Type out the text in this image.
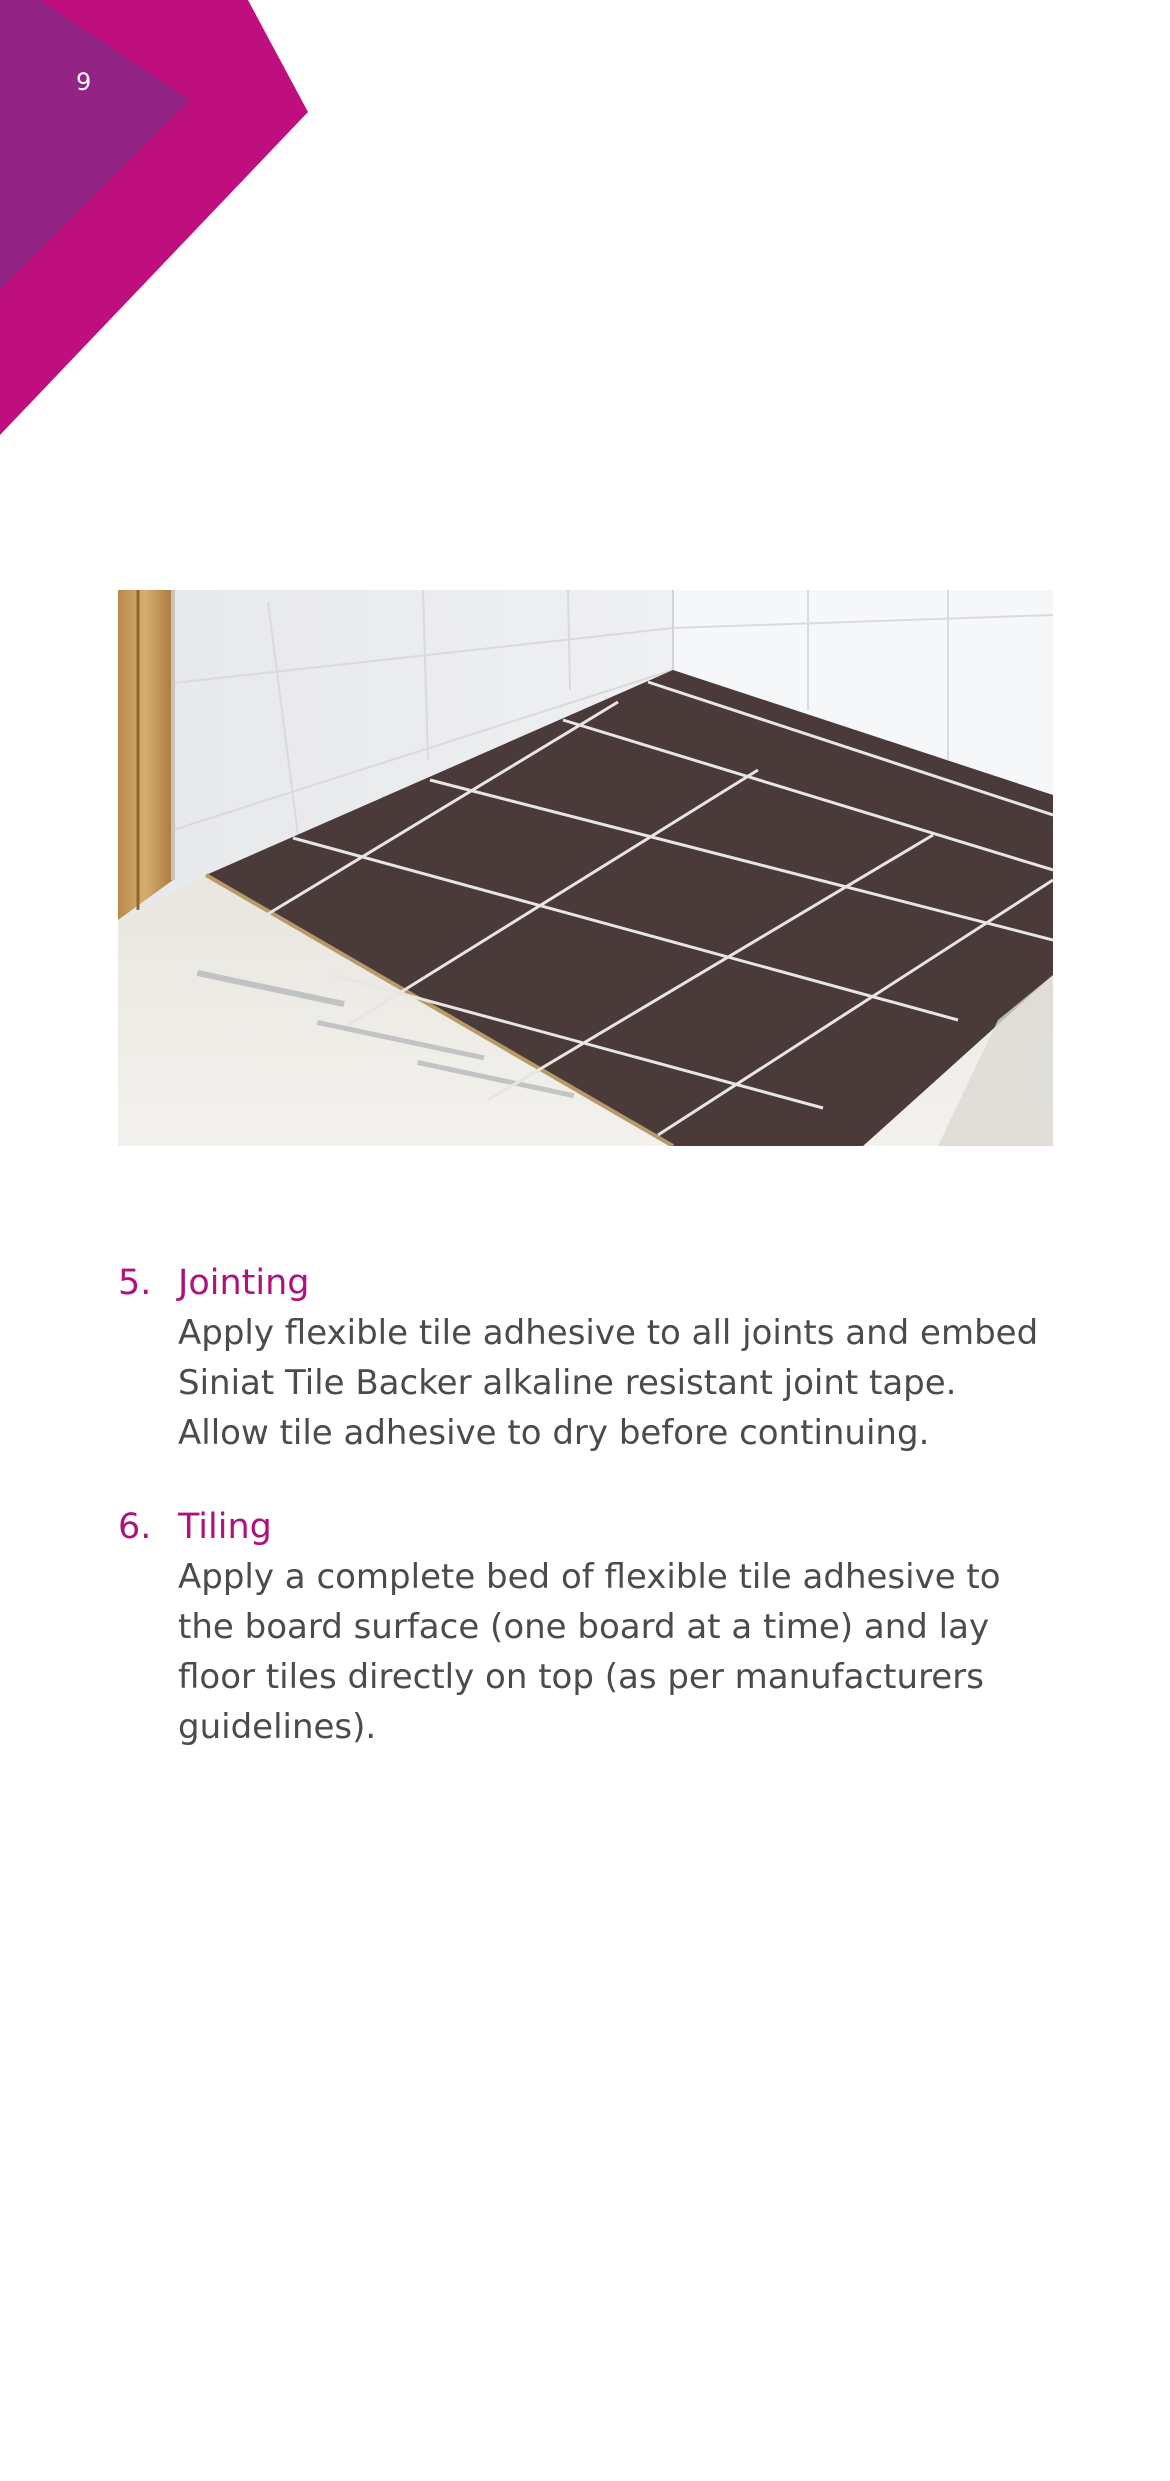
9
5. Jointing
Apply flexible tile adhesive to all joints and embed Siniat Tile Backer alkaline resistant joint tape. Allow tile adhesive to dry before continuing.
6. Tiling
Apply a complete bed of flexible tile adhesive to the board surface (one board at a time) and lay floor tiles directly on top (as per manufacturers guidelines).
